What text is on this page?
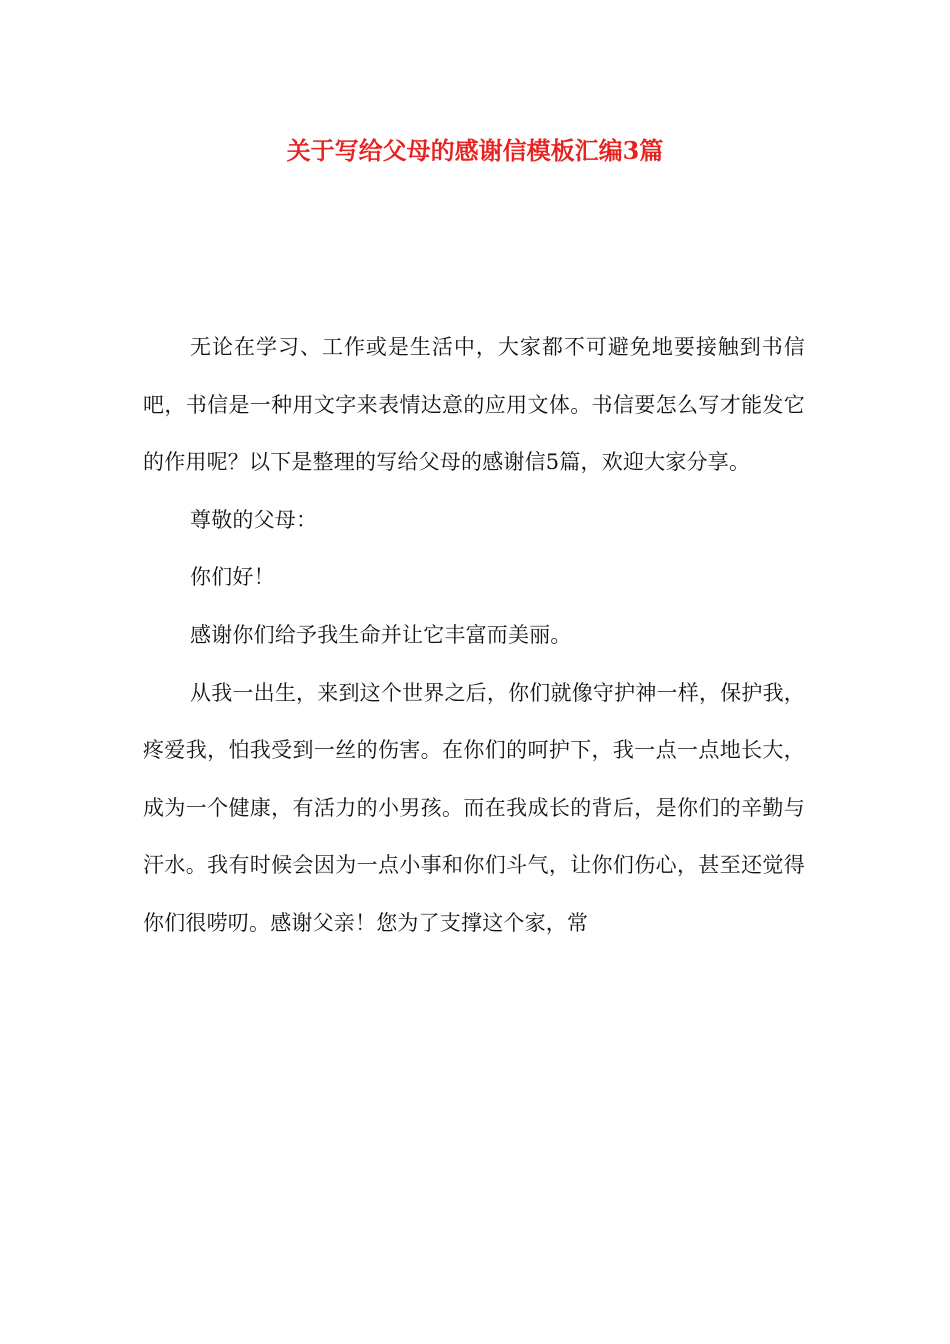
关于写给父母的感谢信模板汇编3篇

无论在学习、工作或是生活中，大家都不可避免地要接触到书信吧，书信是一种用文字来表情达意的应用文体。书信要怎么写才能发它的作用呢？以下是整理的写给父母的感谢信5篇，欢迎大家分享。

尊敬的父母：

你们好！

感谢你们给予我生命并让它丰富而美丽。

从我一出生，来到这个世界之后，你们就像守护神一样，保护我，疼爱我，怕我受到一丝的伤害。在你们的呵护下，我一点一点地长大，成为一个健康，有活力的小男孩。而在我成长的背后，是你们的辛勤与汗水。我有时候会因为一点小事和你们斗气，让你们伤心，甚至还觉得你们很唠叨。感谢父亲！您为了支撑这个家，常
